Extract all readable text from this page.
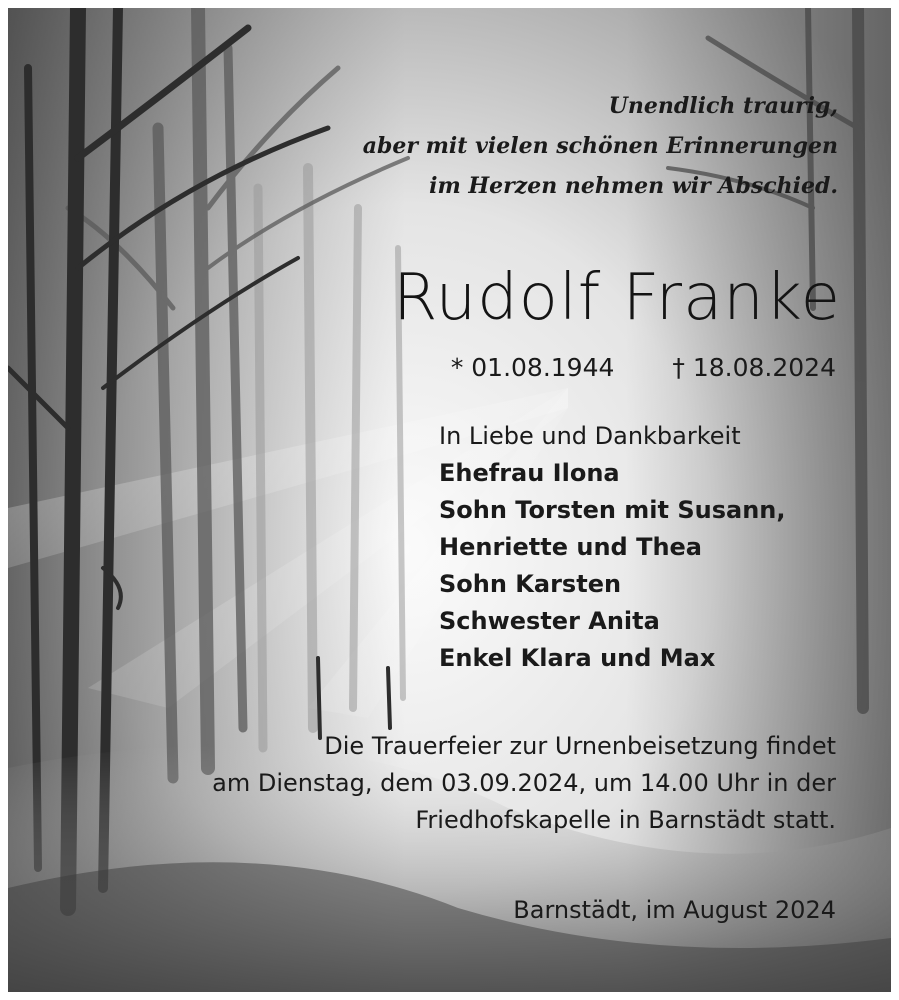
Unendlich traurig,
aber mit vielen schönen Erinnerungen
im Herzen nehmen wir Abschied.
Rudolf Franke
* 01.08.1944 † 18.08.2024
In Liebe und Dankbarkeit
Ehefrau Ilona
Sohn Torsten mit Susann,
Henriette und Thea
Sohn Karsten
Schwester Anita
Enkel Klara und Max
Die Trauerfeier zur Urnenbeisetzung findet
am Dienstag, dem 03.09.2024, um 14.00 Uhr in der
Friedhofskapelle in Barnstädt statt.
Barnstädt, im August 2024
